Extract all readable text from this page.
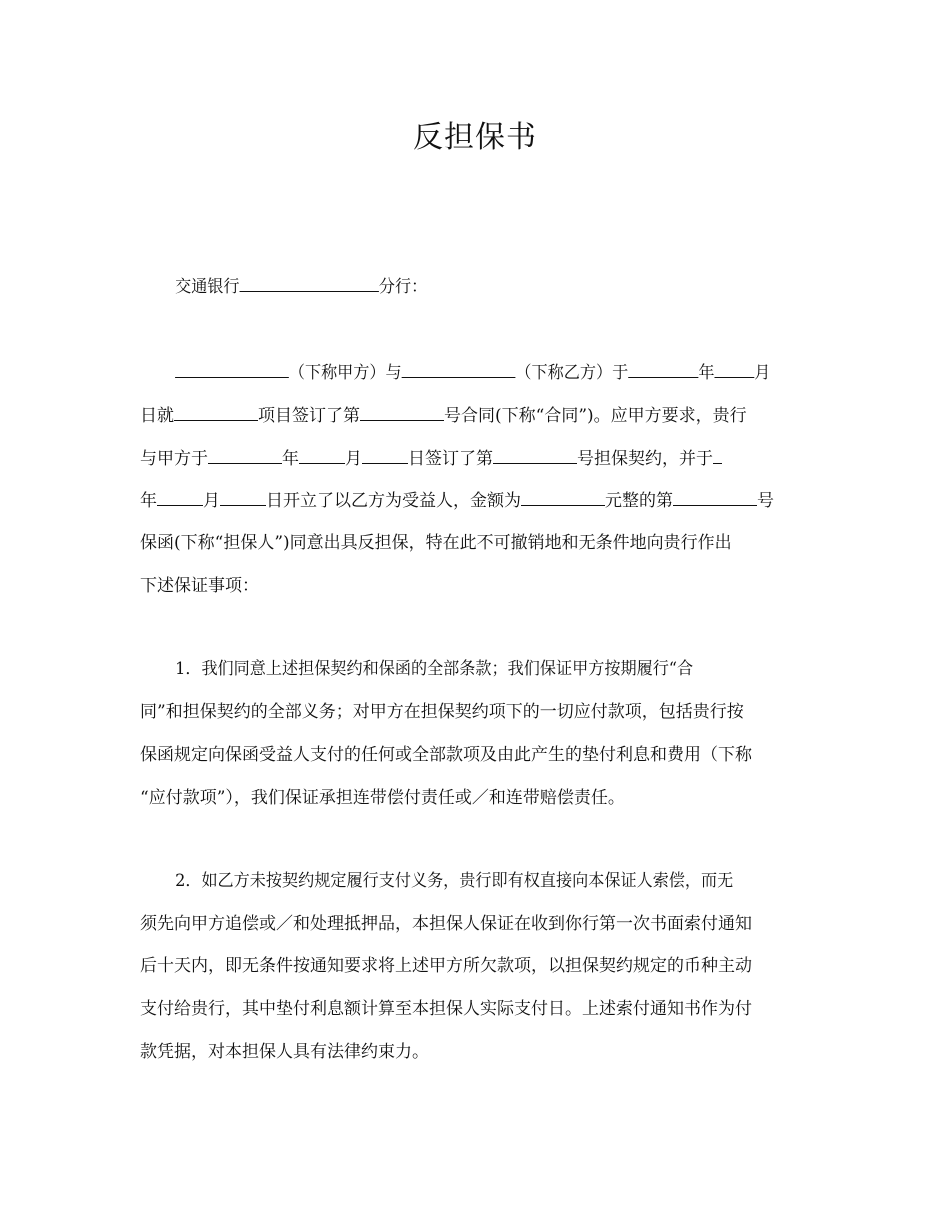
反担保书
交通银行	分行：
（下称甲方）与	（下称乙方）于	年 月
日就	项目签订了第	号合同(下称“合同”)。应甲方要求，贵行
与甲方于	年	月	日签订了第	号担保契约，并于
年	月	日开立了以乙方为受益人，金额为	元整的第	号
保函(下称“担保人”)同意出具反担保，特在此不可撤销地和无条件地向贵行作出
下述保证事项：
1．我们同意上述担保契约和保函的全部条款；我们保证甲方按期履行“合
同”和担保契约的全部义务；对甲方在担保契约项下的一切应付款项，包括贵行按
保函规定向保函受益人支付的任何或全部款项及由此产生的垫付利息和费用（下称
“应付款项”），我们保证承担连带偿付责任或／和连带赔偿责任。
2．如乙方未按契约规定履行支付义务，贵行即有权直接向本保证人索偿，而无
须先向甲方追偿或／和处理抵押品，本担保人保证在收到你行第一次书面索付通知
后十天内，即无条件按通知要求将上述甲方所欠款项，以担保契约规定的币种主动
支付给贵行，其中垫付利息额计算至本担保人实际支付日。上述索付通知书作为付
款凭据，对本担保人具有法律约束力。
